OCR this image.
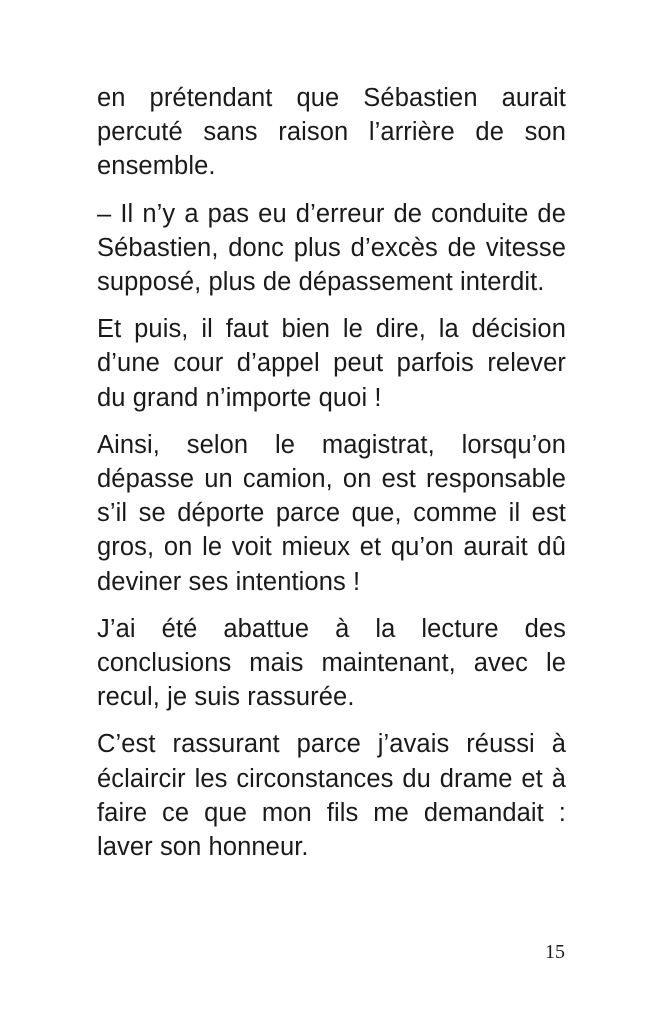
en prétendant que Sébastien aurait percuté sans raison l’arrière de son ensemble.

– Il n’y a pas eu d’erreur de conduite de Sébastien, donc plus d’excès de vitesse supposé, plus de dépassement interdit.

Et puis, il faut bien le dire, la décision d’une cour d’appel peut parfois relever du grand n’importe quoi !

Ainsi, selon le magistrat, lorsqu’on dépasse un camion, on est responsable s’il se déporte parce que, comme il est gros, on le voit mieux et qu’on aurait dû deviner ses intentions !

J’ai été abattue à la lecture des conclusions mais maintenant, avec le recul, je suis rassurée.

C’est rassurant parce j’avais réussi à éclaircir les circonstances du drame et à faire ce que mon fils me demandait : laver son honneur.

15
